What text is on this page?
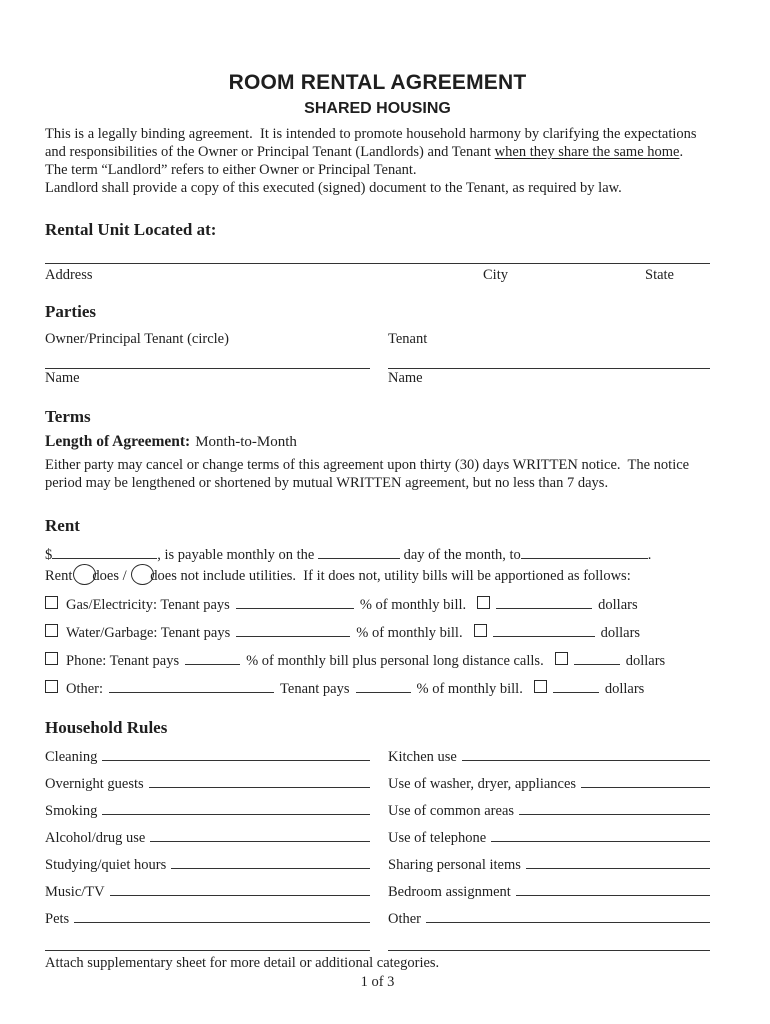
ROOM RENTAL AGREEMENT
SHARED HOUSING
This is a legally binding agreement.  It is intended to promote household harmony by clarifying the expectations and responsibilities of the Owner or Principal Tenant (Landlords) and Tenant when they share the same home.  The term “Landlord” refers to either Owner or Principal Tenant.
Landlord shall provide a copy of this executed (signed) document to the Tenant, as required by law.
Rental Unit Located at:
Address	City	State
Parties
Owner/Principal Tenant (circle)
Name
Tenant
Name
Terms
Length of Agreement: Month-to-Month
Either party may cancel or change terms of this agreement upon thirty (30) days WRITTEN notice.  The notice period may be lengthened or shortened by mutual WRITTEN agreement, but no less than 7 days.
Rent
$	, is payable monthly on the	day of the month, to	.
Rent does / does not include utilities.  If it does not, utility bills will be apportioned as follows:
Gas/Electricity: Tenant pays	% of monthly bill.	dollars
Water/Garbage: Tenant pays	% of monthly bill.	dollars
Phone: Tenant pays	% of monthly bill plus personal long distance calls.	dollars
Other:	Tenant pays	% of monthly bill.	dollars
Household Rules
Cleaning
Overnight guests
Smoking
Alcohol/drug use
Studying/quiet hours
Music/TV
Pets
Kitchen use
Use of washer, dryer, appliances
Use of common areas
Use of telephone
Sharing personal items
Bedroom assignment
Other
Attach supplementary sheet for more detail or additional categories.
1 of 3
